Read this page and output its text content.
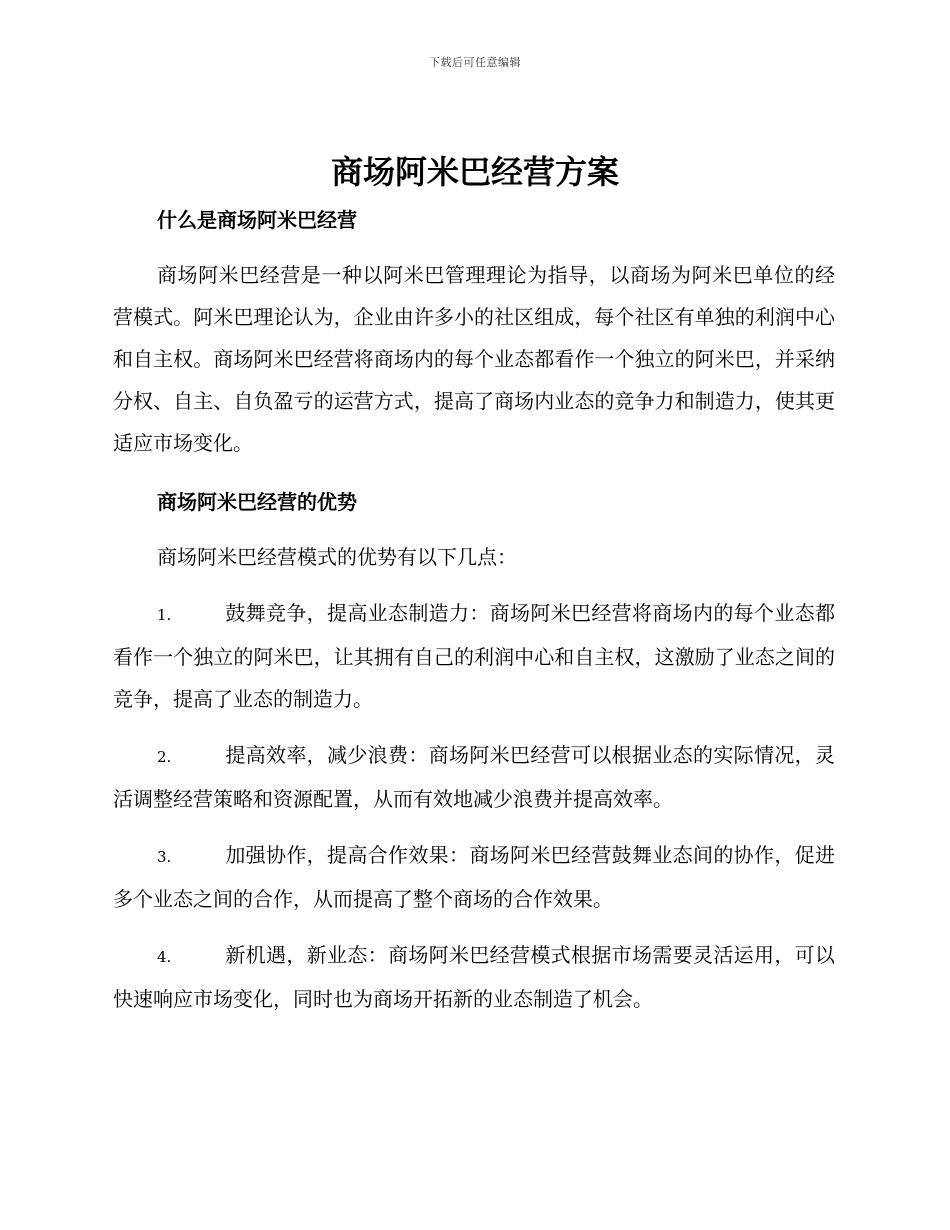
下载后可任意编辑
商场阿米巴经营方案
什么是商场阿米巴经营

商场阿米巴经营是一种以阿米巴管理理论为指导，以商场为阿米巴单位的经营模式。阿米巴理论认为，企业由许多小的社区组成，每个社区有单独的利润中心和自主权。商场阿米巴经营将商场内的每个业态都看作一个独立的阿米巴，并采纳分权、自主、自负盈亏的运营方式，提高了商场内业态的竞争力和制造力，使其更适应市场变化。

商场阿米巴经营的优势

商场阿米巴经营模式的优势有以下几点：

1.	鼓舞竞争，提高业态制造力：商场阿米巴经营将商场内的每个业态都看作一个独立的阿米巴，让其拥有自己的利润中心和自主权，这激励了业态之间的竞争，提高了业态的制造力。

2.	提高效率，减少浪费：商场阿米巴经营可以根据业态的实际情况，灵活调整经营策略和资源配置，从而有效地减少浪费并提高效率。

3.	加强协作，提高合作效果：商场阿米巴经营鼓舞业态间的协作，促进多个业态之间的合作，从而提高了整个商场的合作效果。

4.	新机遇，新业态：商场阿米巴经营模式根据市场需要灵活运用，可以快速响应市场变化，同时也为商场开拓新的业态制造了机会。
